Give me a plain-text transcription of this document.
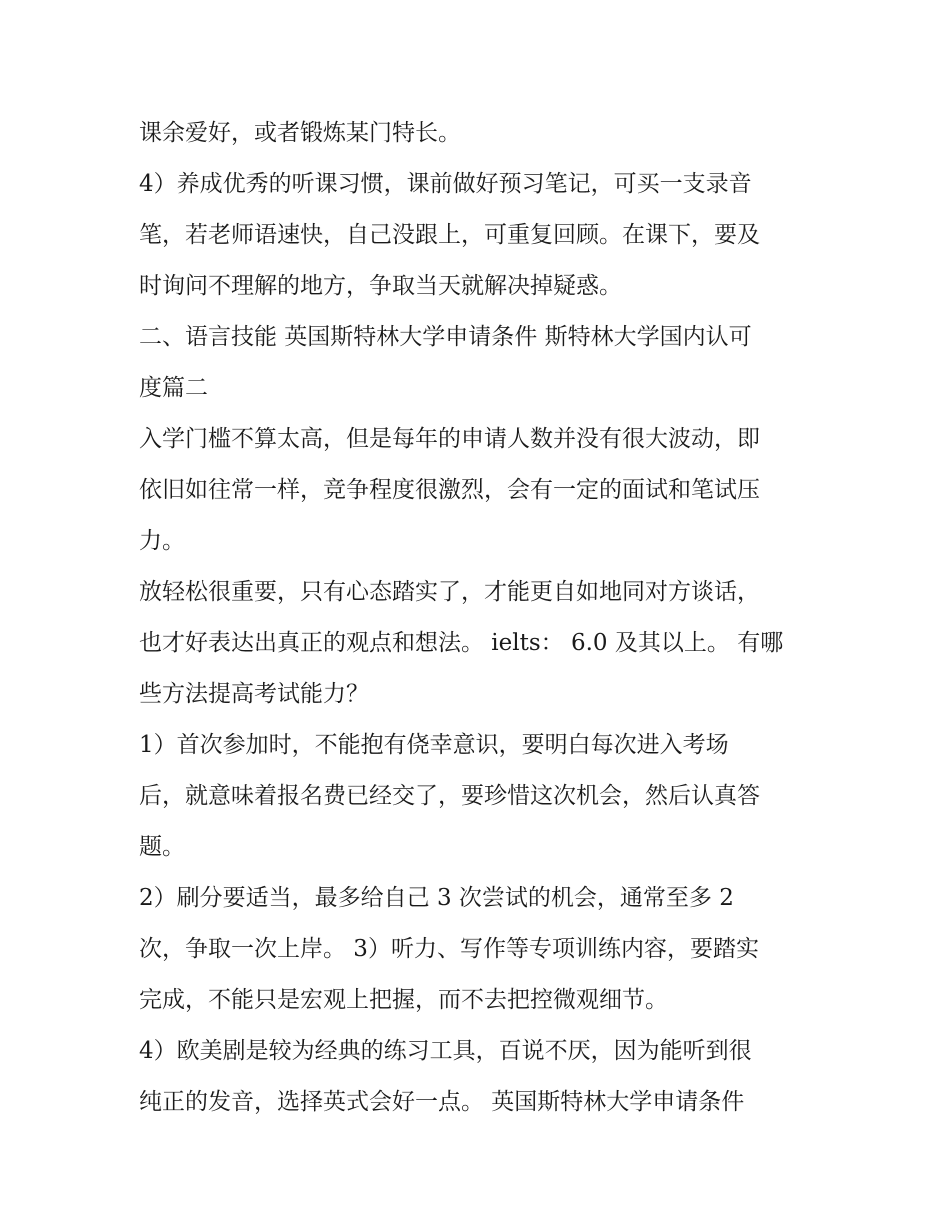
课余爱好，或者锻炼某门特长。

4）养成优秀的听课习惯，课前做好预习笔记，可买一支录音
笔，若老师语速快，自己没跟上，可重复回顾。在课下，要及
时询问不理解的地方，争取当天就解决掉疑惑。

二、语言技能 英国斯特林大学申请条件 斯特林大学国内认可
度篇二

入学门槛不算太高，但是每年的申请人数并没有很大波动，即
依旧如往常一样，竞争程度很激烈，会有一定的面试和笔试压
力。

放轻松很重要，只有心态踏实了，才能更自如地同对方谈话，
也才好表达出真正的观点和想法。 ielts： 6.0 及其以上。 有哪
些方法提高考试能力？

1）首次参加时，不能抱有侥幸意识，要明白每次进入考场
后，就意味着报名费已经交了，要珍惜这次机会，然后认真答
题。

2）刷分要适当，最多给自己 3 次尝试的机会，通常至多 2
次，争取一次上岸。 3）听力、写作等专项训练内容，要踏实
完成，不能只是宏观上把握，而不去把控微观细节。

4）欧美剧是较为经典的练习工具，百说不厌，因为能听到很
纯正的发音，选择英式会好一点。 英国斯特林大学申请条件
